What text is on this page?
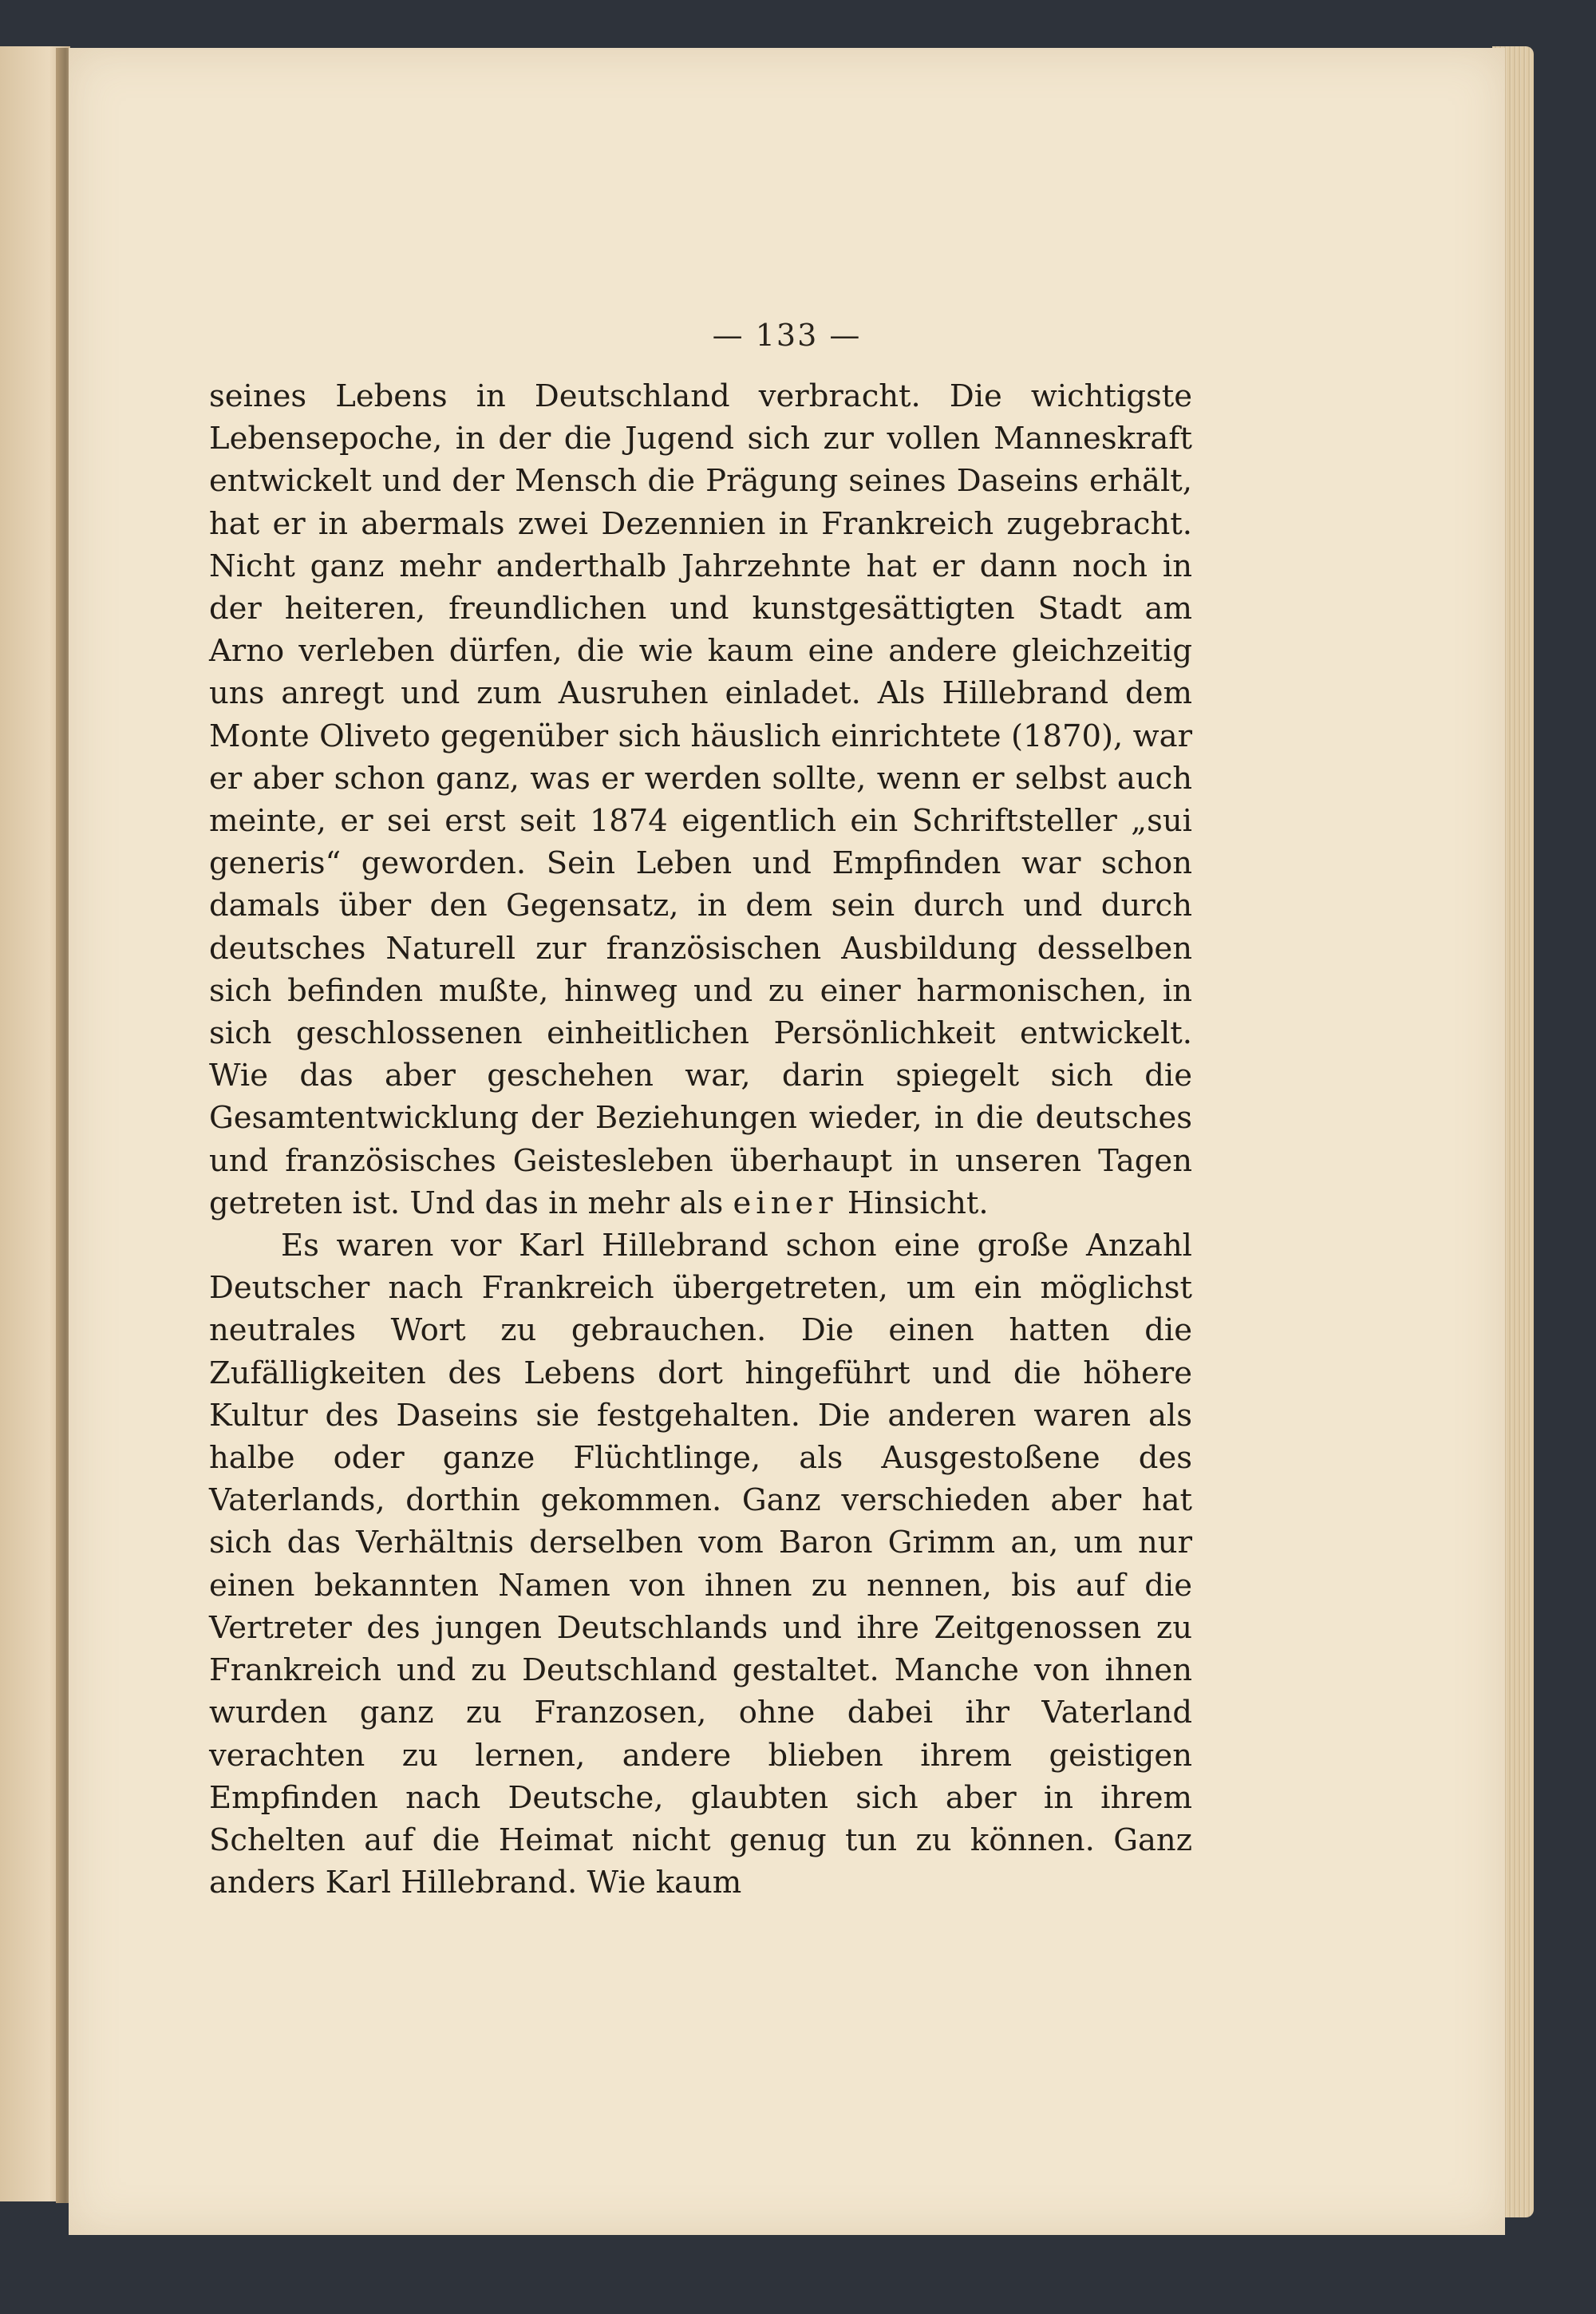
— 133 —

seines Lebens in Deutschland verbracht. Die wichtigste Lebensepoche, in der die Jugend sich zur vollen Manneskraft entwickelt und der Mensch die Prägung seines Daseins erhält, hat er in abermals zwei Dezennien in Frankreich zugebracht. Nicht ganz mehr anderthalb Jahrzehnte hat er dann noch in der heiteren, freundlichen und kunstgesättigten Stadt am Arno verleben dürfen, die wie kaum eine andere gleichzeitig uns anregt und zum Ausruhen einladet. Als Hillebrand dem Monte Oliveto gegenüber sich häuslich einrichtete (1870), war er aber schon ganz, was er werden sollte, wenn er selbst auch meinte, er sei erst seit 1874 eigentlich ein Schriftsteller „sui generis“ geworden. Sein Leben und Empfinden war schon damals über den Gegensatz, in dem sein durch und durch deutsches Naturell zur französischen Ausbildung desselben sich befinden mußte, hinweg und zu einer harmonischen, in sich geschlossenen einheitlichen Persönlichkeit entwickelt. Wie das aber geschehen war, darin spiegelt sich die Gesamtentwicklung der Beziehungen wieder, in die deutsches und französisches Geistesleben überhaupt in unseren Tagen getreten ist. Und das in mehr als einer Hinsicht.

Es waren vor Karl Hillebrand schon eine große Anzahl Deutscher nach Frankreich übergetreten, um ein möglichst neutrales Wort zu gebrauchen. Die einen hatten die Zufälligkeiten des Lebens dort hingeführt und die höhere Kultur des Daseins sie festgehalten. Die anderen waren als halbe oder ganze Flüchtlinge, als Ausgestoßene des Vaterlands, dorthin gekommen. Ganz verschieden aber hat sich das Verhältnis derselben vom Baron Grimm an, um nur einen bekannten Namen von ihnen zu nennen, bis auf die Vertreter des jungen Deutschlands und ihre Zeitgenossen zu Frankreich und zu Deutschland gestaltet. Manche von ihnen wurden ganz zu Franzosen, ohne dabei ihr Vaterland verachten zu lernen, andere blieben ihrem geistigen Empfinden nach Deutsche, glaubten sich aber in ihrem Schelten auf die Heimat nicht genug tun zu können. Ganz anders Karl Hillebrand. Wie kaum
